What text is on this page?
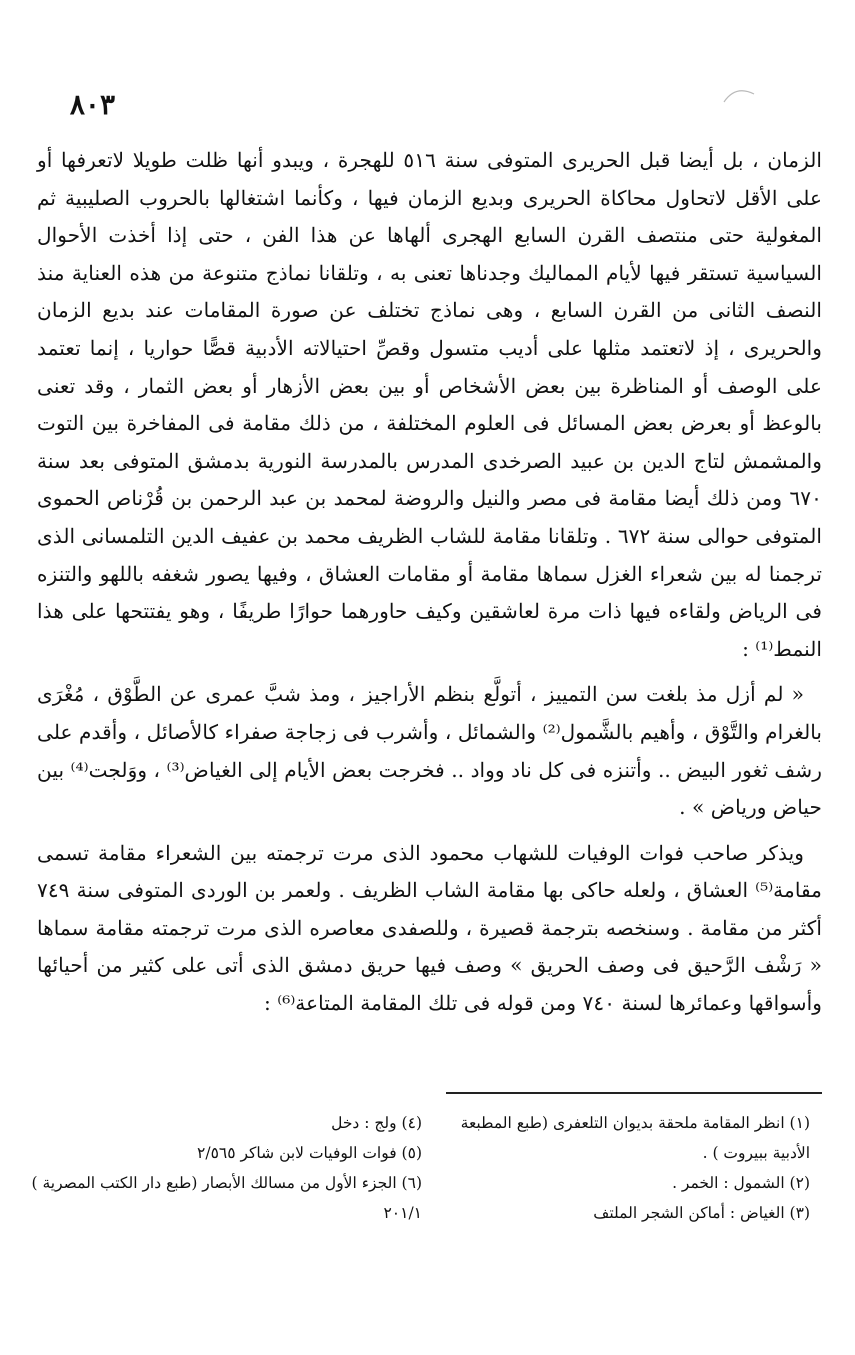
٨٠٣

الزمان ، بل أيضا قبل الحريرى المتوفى سنة ٥١٦ للهجرة ، ويبدو أنها ظلت طويلا لاتعرفها أو على الأقل لاتحاول محاكاة الحريرى وبديع الزمان فيها ، وكأنما اشتغالها بالحروب الصليبية ثم المغولية حتى منتصف القرن السابع الهجرى ألهاها عن هذا الفن ، حتى إذا أخذت الأحوال السياسية تستقر فيها لأيام المماليك وجدناها تعنى به ، وتلقانا نماذج متنوعة من هذه العناية منذ النصف الثانى من القرن السابع ، وهى نماذج تختلف عن صورة المقامات عند بديع الزمان والحريرى ، إذ لاتعتمد مثلها على أديب متسول وقصِّ احتيالاته الأدبية قصًّا حواريا ، إنما تعتمد على الوصف أو المناظرة بين بعض الأشخاص أو بين بعض الأزهار أو بعض الثمار ، وقد تعنى بالوعظ أو بعرض بعض المسائل فى العلوم المختلفة ، من ذلك مقامة فى المفاخرة بين التوت والمشمش لتاج الدين بن عبيد الصرخدى المدرس بالمدرسة النورية بدمشق المتوفى بعد سنة ٦٧٠ ومن ذلك أيضا مقامة فى مصر والنيل والروضة لمحمد بن عبد الرحمن بن قُرْناص الحموى المتوفى حوالى سنة ٦٧٢ . وتلقانا مقامة للشاب الظريف محمد بن عفيف الدين التلمسانى الذى ترجمنا له بين شعراء الغزل سماها مقامة أو مقامات العشاق ، وفيها يصور شغفه باللهو والتنزه فى الرياض ولقاءه فيها ذات مرة لعاشقين وكيف حاورهما حوارًا طريفًا ، وهو يفتتحها على هذا النمط⁽¹⁾ :

« لم أزل مذ بلغت سن التمييز ، أتولَّع بنظم الأراجيز ، ومذ شبَّ عمرى عن الطَّوْق ، مُغْرَى بالغرام والتَّوْق ، وأهيم بالشَّمول⁽²⁾ والشمائل ، وأشرب فى زجاجة صفراء كالأصائل ، وأقدم على رشف ثغور البيض .. وأتنزه فى كل ناد وواد .. فخرجت بعض الأيام إلى الغياض⁽³⁾ ، ووَلجت⁽⁴⁾ بين حياض ورياض » .

ويذكر صاحب فوات الوفيات للشهاب محمود الذى مرت ترجمته بين الشعراء مقامة تسمى مقامة⁽⁵⁾ العشاق ، ولعله حاكى بها مقامة الشاب الظريف . ولعمر بن الوردى المتوفى سنة ٧٤٩ أكثر من مقامة . وسنخصه بترجمة قصيرة ، وللصفدى معاصره الذى مرت ترجمته مقامة سماها « رَشْف الرَّحيق فى وصف الحريق » وصف فيها حريق دمشق الذى أتى على كثير من أحيائها وأسواقها وعمائرها لسنة ٧٤٠ ومن قوله فى تلك المقامة المتاعة⁽⁶⁾ :

(١) انظر المقامة ملحقة بديوان التلعفرى (طبع المطبعة الأدبية ببيروت ) .

(٢) الشمول : الخمر .

(٣) الغياض : أماكن الشجر الملتف

(٤) ولج : دخل

(٥) فوات الوفيات لابن شاكر ٢/٥٦٥

(٦) الجزء الأول من مسالك الأبصار (طبع دار الكتب المصرية ) ٢٠١/١
